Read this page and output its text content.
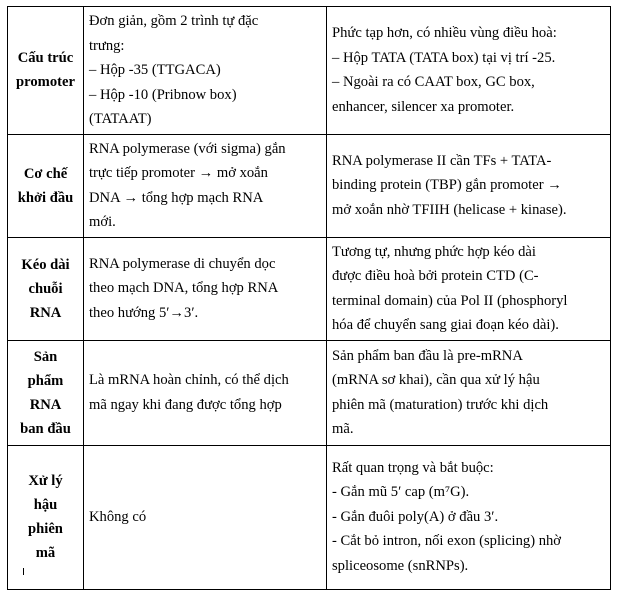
Cấu trúc
promoter	Đơn giản, gồm 2 trình tự đặc
trưng:
– Hộp -35 (TTGACA)
– Hộp -10 (Pribnow box)
(TATAAT)	Phức tạp hơn, có nhiều vùng điều hoà:
– Hộp TATA (TATA box) tại vị trí -25.
– Ngoài ra có CAAT box, GC box,
enhancer, silencer xa promoter.

Cơ chế
khởi đầu	RNA polymerase (với sigma) gắn
trực tiếp promoter → mở xoắn
DNA → tổng hợp mạch RNA
mới.	RNA polymerase II cần TFs + TATA-
binding protein (TBP) gắn promoter →
mở xoắn nhờ TFIIH (helicase + kinase).

Kéo dài
chuỗi
RNA	RNA polymerase di chuyển dọc
theo mạch DNA, tổng hợp RNA
theo hướng 5′→3′.	Tương tự, nhưng phức hợp kéo dài
được điều hoà bởi protein CTD (C-
terminal domain) của Pol II (phosphoryl
hóa để chuyển sang giai đoạn kéo dài).

Sản
phẩm
RNA
ban đầu	Là mRNA hoàn chỉnh, có thể dịch
mã ngay khi đang được tổng hợp	Sản phẩm ban đầu là pre-mRNA
(mRNA sơ khai), cần qua xử lý hậu
phiên mã (maturation) trước khi dịch
mã.

Xử lý
hậu
phiên
mã	Không có	Rất quan trọng và bắt buộc:
- Gắn mũ 5′ cap (m⁷G).
- Gắn đuôi poly(A) ở đầu 3′.
- Cắt bỏ intron, nối exon (splicing) nhờ
spliceosome (snRNPs).
